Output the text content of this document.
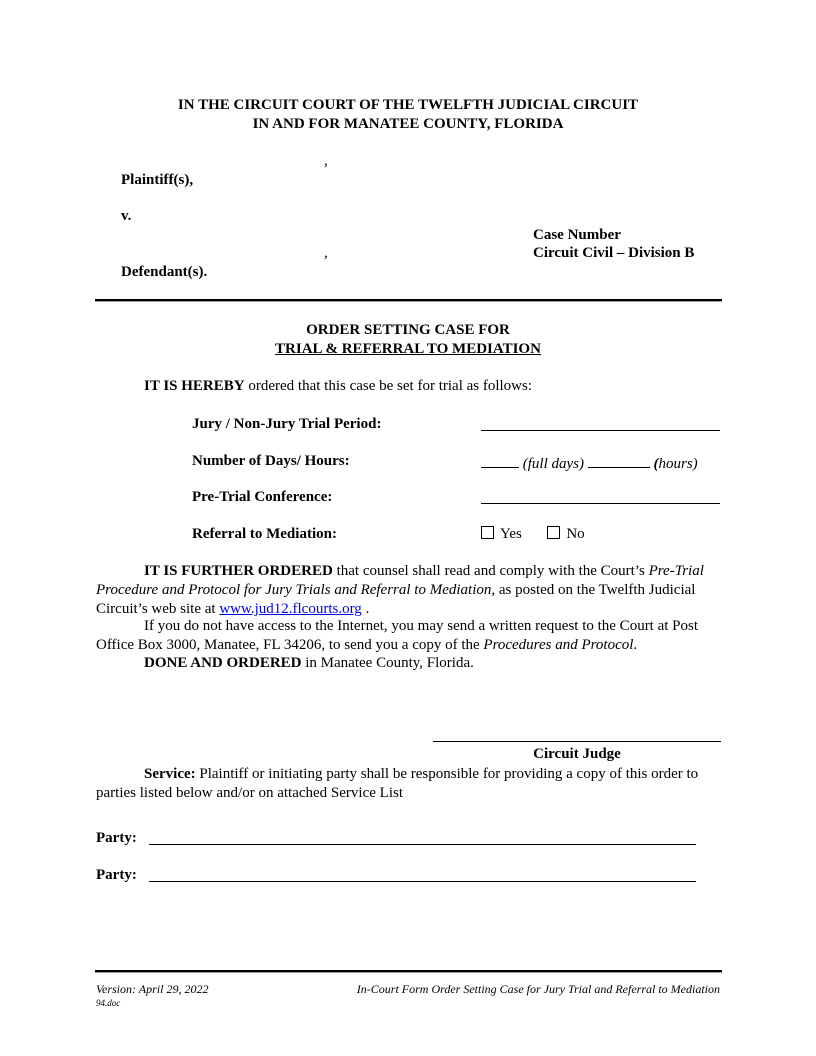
IN THE CIRCUIT COURT OF THE TWELFTH JUDICIAL CIRCUIT
IN AND FOR MANATEE COUNTY, FLORIDA
,
Plaintiff(s),
v.
Case Number
,	Circuit Civil – Division B
Defendant(s).
ORDER SETTING CASE FOR
TRIAL & REFERRAL TO MEDIATION
IT IS HEREBY ordered that this case be set for trial as follows:
Jury / Non-Jury Trial Period:
Number of Days/ Hours:	(full days)	(hours)
Pre-Trial Conference:
Referral to Mediation:	Yes	No
IT IS FURTHER ORDERED that counsel shall read and comply with the Court’s Pre-Trial Procedure and Protocol for Jury Trials and Referral to Mediation, as posted on the Twelfth Judicial Circuit’s web site at www.jud12.flcourts.org .
If you do not have access to the Internet, you may send a written request to the Court at Post Office Box 3000, Manatee, FL 34206, to send you a copy of the Procedures and Protocol.
DONE AND ORDERED in Manatee County, Florida.
Circuit Judge
Service: Plaintiff or initiating party shall be responsible for providing a copy of this order to parties listed below and/or on attached Service List
Party:
Party:
Version: April 29, 2022	In-Court Form Order Setting Case for Jury Trial and Referral to Mediation
94.doc
